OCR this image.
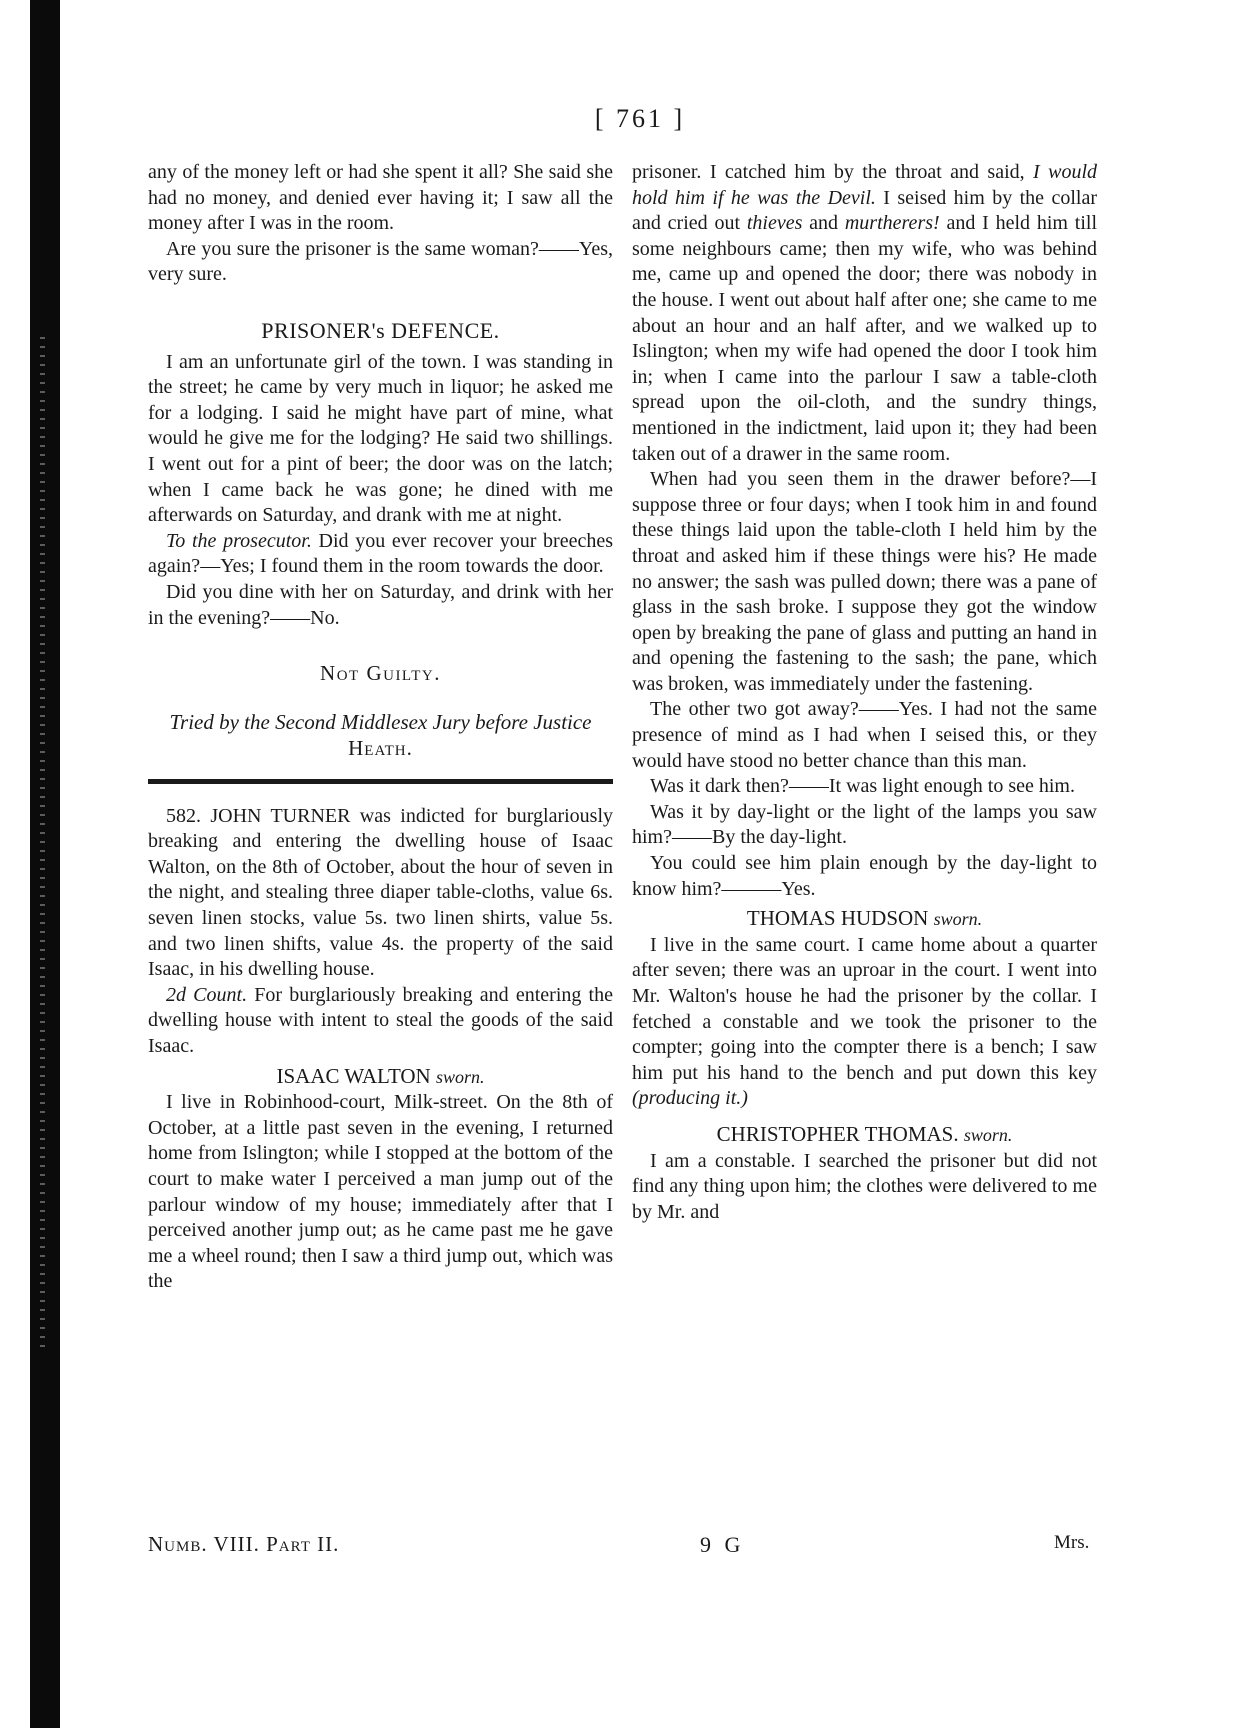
[ 761 ]

any of the money left or had she spent it all? She said she had no money, and denied ever having it; I saw all the money after I was in the room.

Are you sure the prisoner is the same woman?——Yes, very sure.

PRISONER's DEFENCE.

I am an unfortunate girl of the town. I was standing in the street; he came by very much in liquor; he asked me for a lodging. I said he might have part of mine, what would he give me for the lodging? He said two shillings. I went out for a pint of beer; the door was on the latch; when I came back he was gone; he dined with me afterwards on Saturday, and drank with me at night.

To the prosecutor. Did you ever recover your breeches again?—Yes; I found them in the room towards the door.

Did you dine with her on Saturday, and drink with her in the evening?——No.

Not Guilty.
Tried by the Second Middlesex Jury before Justice Heath.

582. JOHN TURNER was indicted for burglariously breaking and entering the dwelling house of Isaac Walton, on the 8th of October, about the hour of seven in the night, and stealing three diaper table-cloths, value 6s. seven linen stocks, value 5s. two linen shirts, value 5s. and two linen shifts, value 4s. the property of the said Isaac, in his dwelling house.

2d Count. For burglariously breaking and entering the dwelling house with intent to steal the goods of the said Isaac.

ISAAC WALTON sworn.

I live in Robinhood-court, Milk-street. On the 8th of October, at a little past seven in the evening, I returned home from Islington; while I stopped at the bottom of the court to make water I perceived a man jump out of the parlour window of my house; immediately after that I perceived another jump out; as he came past me he gave me a wheel round; then I saw a third jump out, which was the

prisoner. I catched him by the throat and said, I would hold him if he was the Devil. I seised him by the collar and cried out thieves and murtherers! and I held him till some neighbours came; then my wife, who was behind me, came up and opened the door; there was nobody in the house. I went out about half after one; she came to me about an hour and an half after, and we walked up to Islington; when my wife had opened the door I took him in; when I came into the parlour I saw a table-cloth spread upon the oil-cloth, and the sundry things, mentioned in the indictment, laid upon it; they had been taken out of a drawer in the same room.

When had you seen them in the drawer before?—I suppose three or four days; when I took him in and found these things laid upon the table-cloth I held him by the throat and asked him if these things were his? He made no answer; the sash was pulled down; there was a pane of glass in the sash broke. I suppose they got the window open by breaking the pane of glass and putting an hand in and opening the fastening to the sash; the pane, which was broken, was immediately under the fastening.

The other two got away?——Yes. I had not the same presence of mind as I had when I seised this, or they would have stood no better chance than this man.

Was it dark then?——It was light enough to see him.

Was it by day-light or the light of the lamps you saw him?——By the day-light.

You could see him plain enough by the day-light to know him?———Yes.

THOMAS HUDSON sworn.

I live in the same court. I came home about a quarter after seven; there was an uproar in the court. I went into Mr. Walton's house he had the prisoner by the collar. I fetched a constable and we took the prisoner to the compter; going into the compter there is a bench; I saw him put his hand to the bench and put down this key (producing it.)

CHRISTOPHER THOMAS. sworn.

I am a constable. I searched the prisoner but did not find any thing upon him; the clothes were delivered to me by Mr. and

Numb. VIII. Part II.	9 G	Mrs.
